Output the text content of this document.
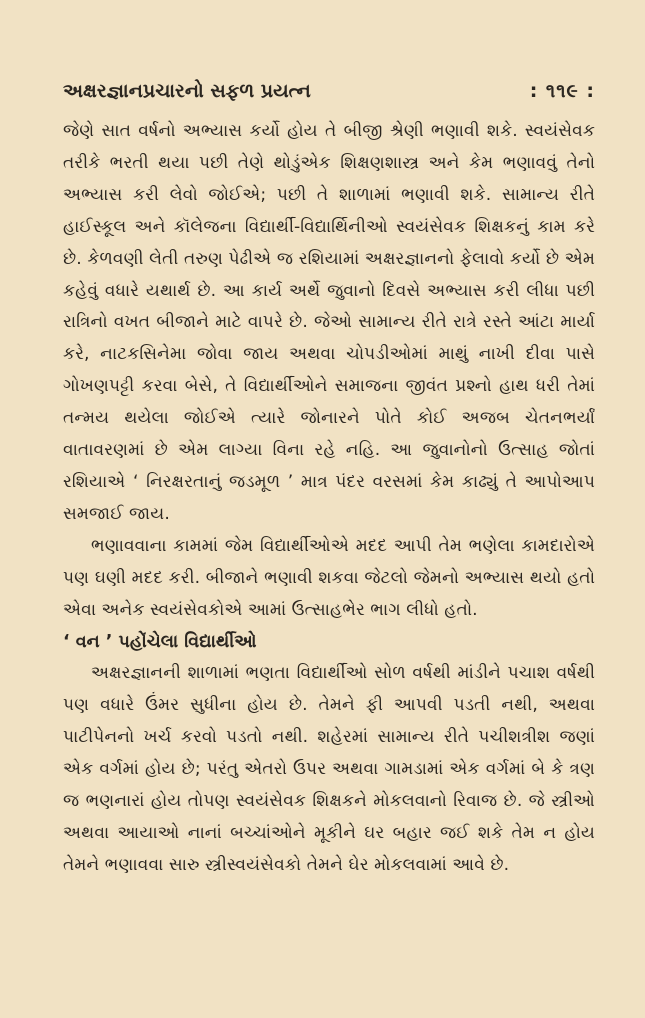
અક્ષરજ્ઞાનપ્રચારનો સફળ પ્રયત્ન	: ૧૧૯ :

જેણે સાત વર્ષનો અભ્યાસ કર્યો હોય તે બીજી શ્રેણી ભણાવી શકે. સ્વયંસેવક તરીકે ભરતી થયા પછી તેણે થોડુંએક શિક્ષણશાસ્ત્ર અને કેમ ભણાવવું તેનો અભ્યાસ કરી લેવો જોઈએ; પછી તે શાળામાં ભણાવી શકે. સામાન્ય રીતે હાઈસ્કૂલ અને કૉલેજના વિદ્યાર્થી-વિદ્યાર્થિનીઓ સ્વયંસેવક શિક્ષકનું કામ કરે છે. કેળવણી લેતી તરુણ પેઢીએ જ રશિયામાં અક્ષરજ્ઞાનનો ફેલાવો કર્યો છે એમ કહેવું વધારે યથાર્થ છે. આ કાર્ય અર્થે જુવાનો દિવસે અભ્યાસ કરી લીધા પછી રાત્રિનો વખત બીજાને માટે વાપરે છે. જેઓ સામાન્ય રીતે રાત્રે રસ્તે આંટા માર્યા કરે, નાટકસિનેમા જોવા જાય અથવા ચોપડીઓમાં માથું નાખી દીવા પાસે ગોખણપટ્ટી કરવા બેસે, તે વિદ્યાર્થીઓને સમાજના જીવંત પ્રશ્નો હાથ ધરી તેમાં તન્મય થયેલા જોઈએ ત્યારે જોનારને પોતે કોઈ અજબ ચેતનભર્યાં વાતાવરણમાં છે એમ લાગ્યા વિના રહે નહિ. આ જુવાનોનો ઉત્સાહ જોતાં રશિયાએ ‘ નિરક્ષરતાનું જડમૂળ ’ માત્ર પંદર વરસમાં કેમ કાઢ્યું તે આપોઆપ સમજાઈ જાય.

ભણાવવાના કામમાં જેમ વિદ્યાર્થીઓએ મદદ આપી તેમ ભણેલા કામદારોએ પણ ઘણી મદદ કરી. બીજાને ભણાવી શકવા જેટલો જેમનો અભ્યાસ થયો હતો એવા અનેક સ્વયંસેવકોએ આમાં ઉત્સાહભેર ભાગ લીધો હતો.

‘ વન ’ પહોંચેલા વિદ્યાર્થીઓ

અક્ષરજ્ઞાનની શાળામાં ભણતા વિદ્યાર્થીઓ સોળ વર્ષથી માંડીને પચાશ વર્ષથી પણ વધારે ઉંમર સુધીના હોય છે. તેમને ફી આપવી પડતી નથી, અથવા પાટીપેનનો ખર્ચ કરવો પડતો નથી. શહેરમાં સામાન્ય રીતે પચીશત્રીશ જણાં એક વર્ગમાં હોય છે; પરંતુ એતરો ઉપર અથવા ગામડામાં એક વર્ગમાં બે કે ત્રણ જ ભણનારાં હોય તોપણ સ્વયંસેવક શિક્ષકને મોકલવાનો રિવાજ છે. જે સ્ત્રીઓ અથવા આયાઓ નાનાં બચ્ચાંઓને મૂકીને ઘર બહાર જઈ શકે તેમ ન હોય તેમને ભણાવવા સારુ સ્ત્રીસ્વયંસેવકો તેમને ઘેર મોકલવામાં આવે છે.
